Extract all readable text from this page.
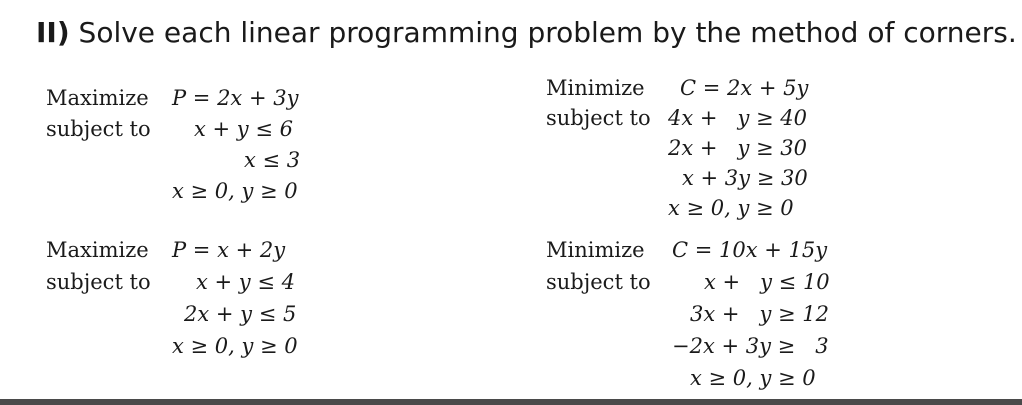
II) Solve each linear programming problem by the method of corners.
Maximize P = 2x + 3y
subject to x + y ≤ 6
x ≤ 3
x ≥ 0, y ≥ 0
Minimize C = 2x + 5y
subject to 4x +   y ≥ 40
2x +   y ≥ 30
x + 3y ≥ 30
x ≥ 0, y ≥ 0
Maximize P = x + 2y
subject to x + y ≤ 4
2x + y ≤ 5
x ≥ 0, y ≥ 0
Minimize C = 10x + 15y
subject to	x +   y ≤ 10
3x +   y ≥ 12
−2x + 3y ≥   3
x ≥ 0, y ≥ 0
